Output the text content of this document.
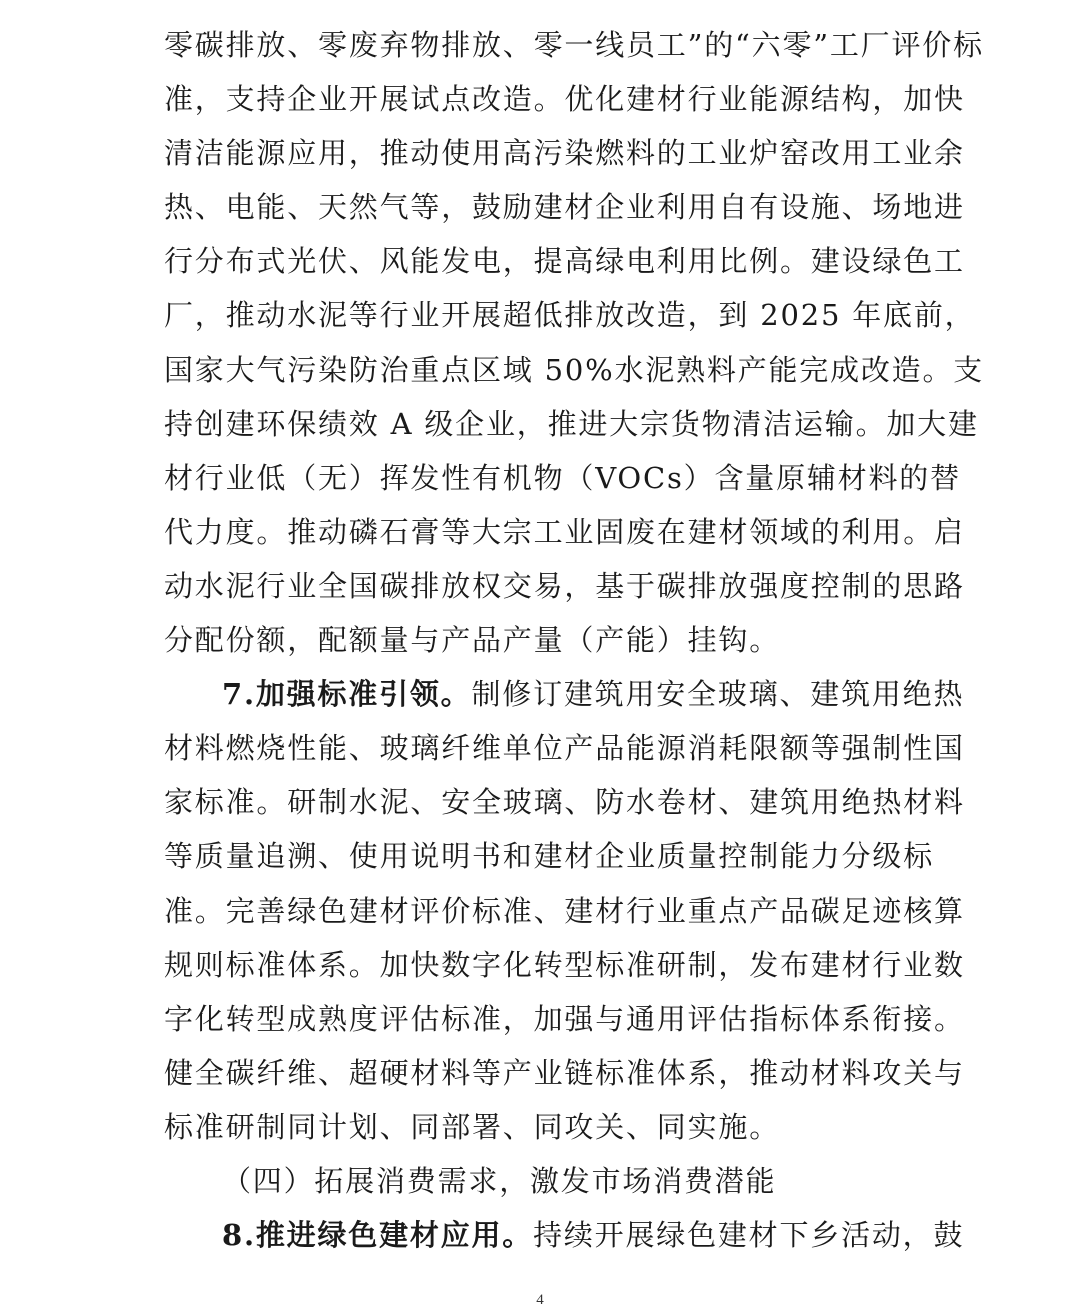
零碳排放、零废弃物排放、零一线员工”的“六零”工厂评价标
准，支持企业开展试点改造。优化建材行业能源结构，加快
清洁能源应用，推动使用高污染燃料的工业炉窑改用工业余
热、电能、天然气等，鼓励建材企业利用自有设施、场地进
行分布式光伏、风能发电，提高绿电利用比例。建设绿色工
厂，推动水泥等行业开展超低排放改造，到 2025 年底前，
国家大气污染防治重点区域 50%水泥熟料产能完成改造。支
持创建环保绩效 A 级企业，推进大宗货物清洁运输。加大建
材行业低（无）挥发性有机物（VOCs）含量原辅材料的替
代力度。推动磷石膏等大宗工业固废在建材领域的利用。启
动水泥行业全国碳排放权交易，基于碳排放强度控制的思路
分配份额，配额量与产品产量（产能）挂钩。
7.加强标准引领。制修订建筑用安全玻璃、建筑用绝热
材料燃烧性能、玻璃纤维单位产品能源消耗限额等强制性国
家标准。研制水泥、安全玻璃、防水卷材、建筑用绝热材料
等质量追溯、使用说明书和建材企业质量控制能力分级标
准。完善绿色建材评价标准、建材行业重点产品碳足迹核算
规则标准体系。加快数字化转型标准研制，发布建材行业数
字化转型成熟度评估标准，加强与通用评估指标体系衔接。
健全碳纤维、超硬材料等产业链标准体系，推动材料攻关与
标准研制同计划、同部署、同攻关、同实施。
（四）拓展消费需求，激发市场消费潜能
8.推进绿色建材应用。持续开展绿色建材下乡活动，鼓
4
